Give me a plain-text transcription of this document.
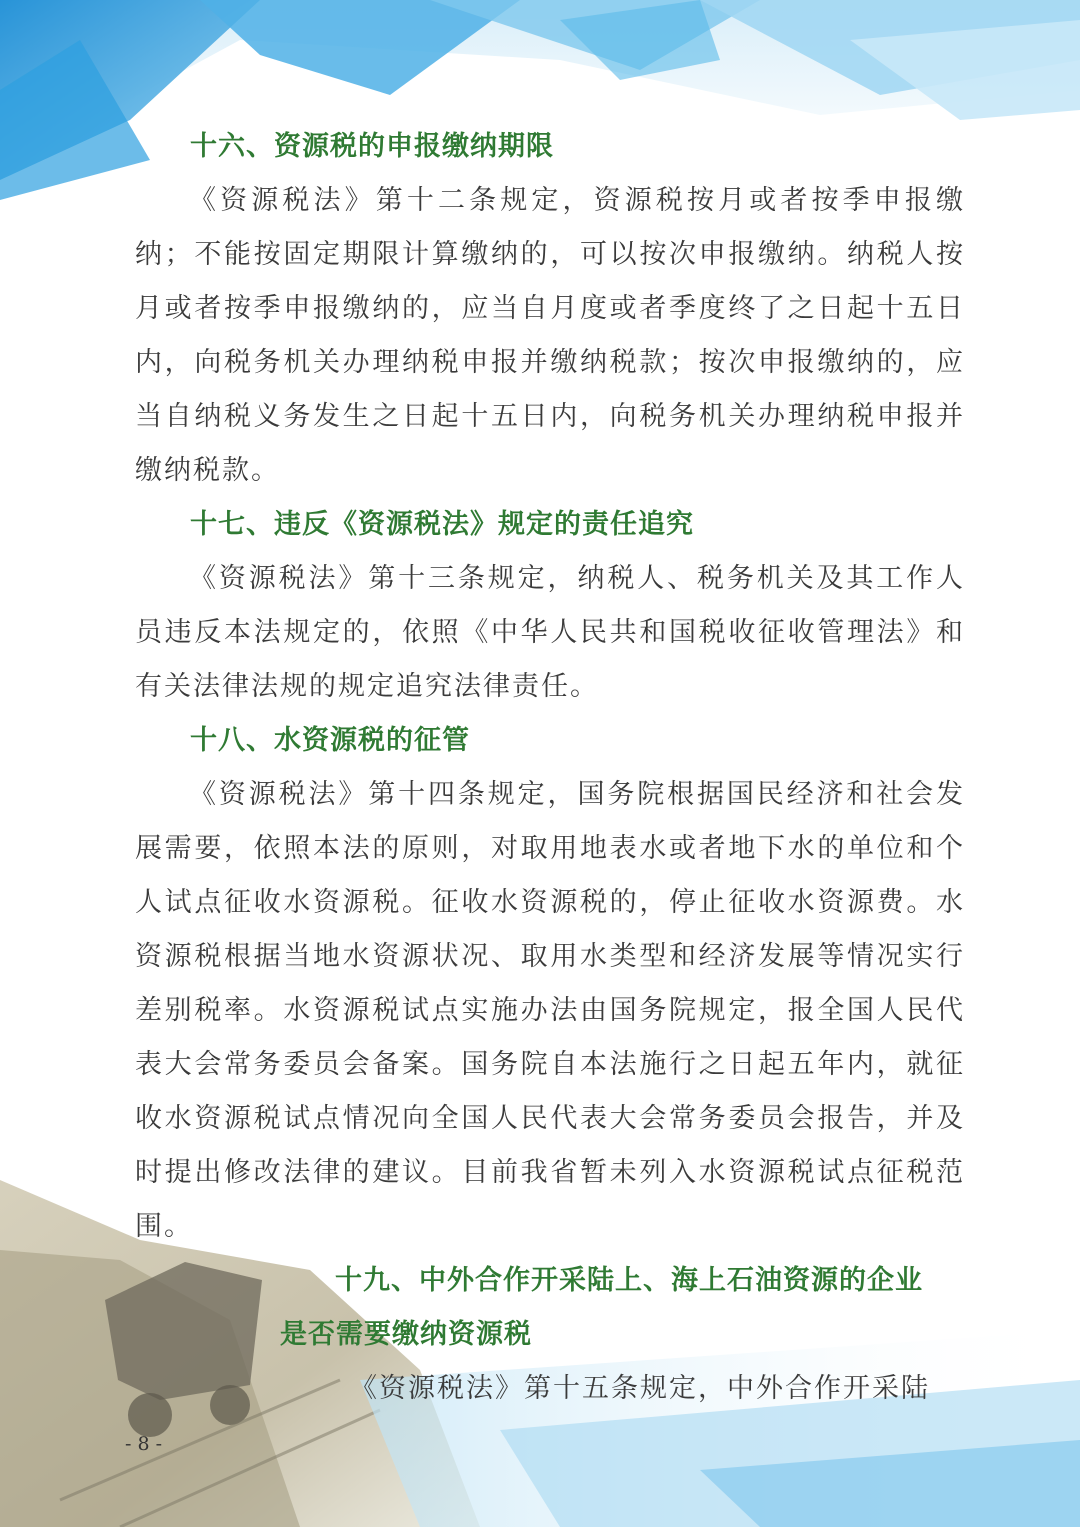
十六、资源税的申报缴纳期限

《资源税法》第十二条规定，资源税按月或者按季申报缴纳；不能按固定期限计算缴纳的，可以按次申报缴纳。纳税人按月或者按季申报缴纳的，应当自月度或者季度终了之日起十五日内，向税务机关办理纳税申报并缴纳税款；按次申报缴纳的，应当自纳税义务发生之日起十五日内，向税务机关办理纳税申报并缴纳税款。

十七、违反《资源税法》规定的责任追究

《资源税法》第十三条规定，纳税人、税务机关及其工作人员违反本法规定的，依照《中华人民共和国税收征收管理法》和有关法律法规的规定追究法律责任。

十八、水资源税的征管

《资源税法》第十四条规定，国务院根据国民经济和社会发展需要，依照本法的原则，对取用地表水或者地下水的单位和个人试点征收水资源税。征收水资源税的，停止征收水资源费。水资源税根据当地水资源状况、取用水类型和经济发展等情况实行差别税率。水资源税试点实施办法由国务院规定，报全国人民代表大会常务委员会备案。国务院自本法施行之日起五年内，就征收水资源税试点情况向全国人民代表大会常务委员会报告，并及时提出修改法律的建议。目前我省暂未列入水资源税试点征税范围。

十九、中外合作开采陆上、海上石油资源的企业

是否需要缴纳资源税

《资源税法》第十五条规定，中外合作开采陆

- 8 -
